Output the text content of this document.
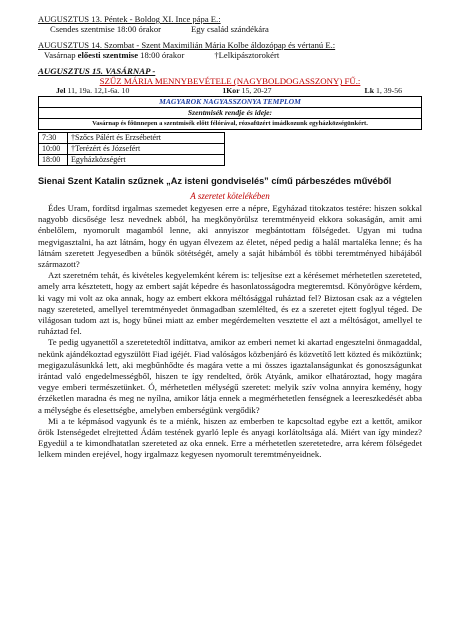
AUGUSZTUS 13. Péntek - Boldog XI. Ince pápa E.:
Csendes szentmise 18:00 órakor	Egy család szándékára
AUGUSZTUS 14. Szombat - Szent Maximilián Mária Kolbe áldozópap és vértanú E.:
Vasárnap előesti szentmise 18:00 órakor	†Lelkipásztorokért
AUGUSZTUS 15. VASÁRNAP -
SZŰZ MÁRIA MENNYBEVÉTELE (NAGYBOLDOGASSZONY) FŰ.:
Jel 11, 19a. 12,1-6a. 10	1Kor 15, 20-27	Lk 1, 39-56
MAGYAROK NAGYASSZONYA TEMPLOM
Szentmisék rendje és ideje:
Vasárnap és főünnepen a szentmisék előtt félórával, rózsafüzért imádkozunk egyházközségünkért.
7:30	†Szőcs Pálért és Erzsébetért
10:00	†Terézért és Józsefért
18:00	Egyházközségért
Sienai Szent Katalin szűznek „Az isteni gondviselés” című párbeszédes művéből
A szeretet kötelékében

Édes Uram, fordítsd irgalmas szemedet kegyesen erre a népre, Egyházad titokzatos testére: hiszen sokkal nagyobb dicsősége lesz nevednek abból, ha megkönyörülsz teremtményeid ekkora sokaságán, amit ami énbelőlem, nyomorult magamból lenne, aki annyiszor megbántottam fölségedet. Ugyan mi tudna megvigasztalni, ha azt látnám, hogy én ugyan élvezem az életet, néped pedig a halál martaléka lenne; és ha látnám szeretett Jegyesedben a bűnök sötétségét, amely a saját hibámból és többi teremtményed hibájából származott?

Azt szeretném tehát, és kivételes kegyelemként kérem is: teljesítse ezt a kérésemet mérhetetlen szereteted, amely arra késztetett, hogy az embert saját képedre és hasonlatosságodra megteremtsd. Könyörögve kérdem, ki vagy mi volt az oka annak, hogy az embert ekkora méltósággal ruháztad fel? Biztosan csak az a végtelen nagy szereteted, amellyel teremtményedet önmagadban szemlélted, és ez a szeretet ejtett foglyul téged. De világosan tudom azt is, hogy bűnei miatt az ember megérdemelten vesztette el azt a méltóságot, amellyel te ruháztad fel.

Te pedig ugyanettől a szeretetedtől indíttatva, amikor az emberi nemet ki akartad engesztelni önmagaddal, nekünk ajándékoztad egyszülött Fiad igéjét. Fiad valóságos közbenjáró és közvetítő lett közted és miköztünk; megigazulásunkká lett, aki megbűnhődte és magára vette a mi összes igaztalanságunkat és gonoszságunkat irántad való engedelmességből, hiszen te így rendelted, örök Atyánk, amikor elhatároztad, hogy magára vegye emberi természetünket. Ó, mérhetetlen mélységű szeretet: melyik szív volna annyira kemény, hogy érzéketlen maradna és meg ne nyílna, amikor látja ennek a megmérhetetlen fenségnek a leereszkedését abba a mélységbe és elesettségbe, amelyben emberségünk vergődik?

Mi a te képmásod vagyunk és te a miénk, hiszen az emberben te kapcsoltad egybe ezt a kettőt, amikor örök Istenségedet elrejtetted Ádám testének gyarló leple és anyagi korlátoltsága alá. Miért van így mindez? Egyedül a te kimondhatatlan szereteted az oka ennek. Erre a mérhetetlen szeretetedre, arra kérem fölségedet lelkem minden erejével, hogy irgalmazz kegyesen nyomorult teremtményeidnek.
